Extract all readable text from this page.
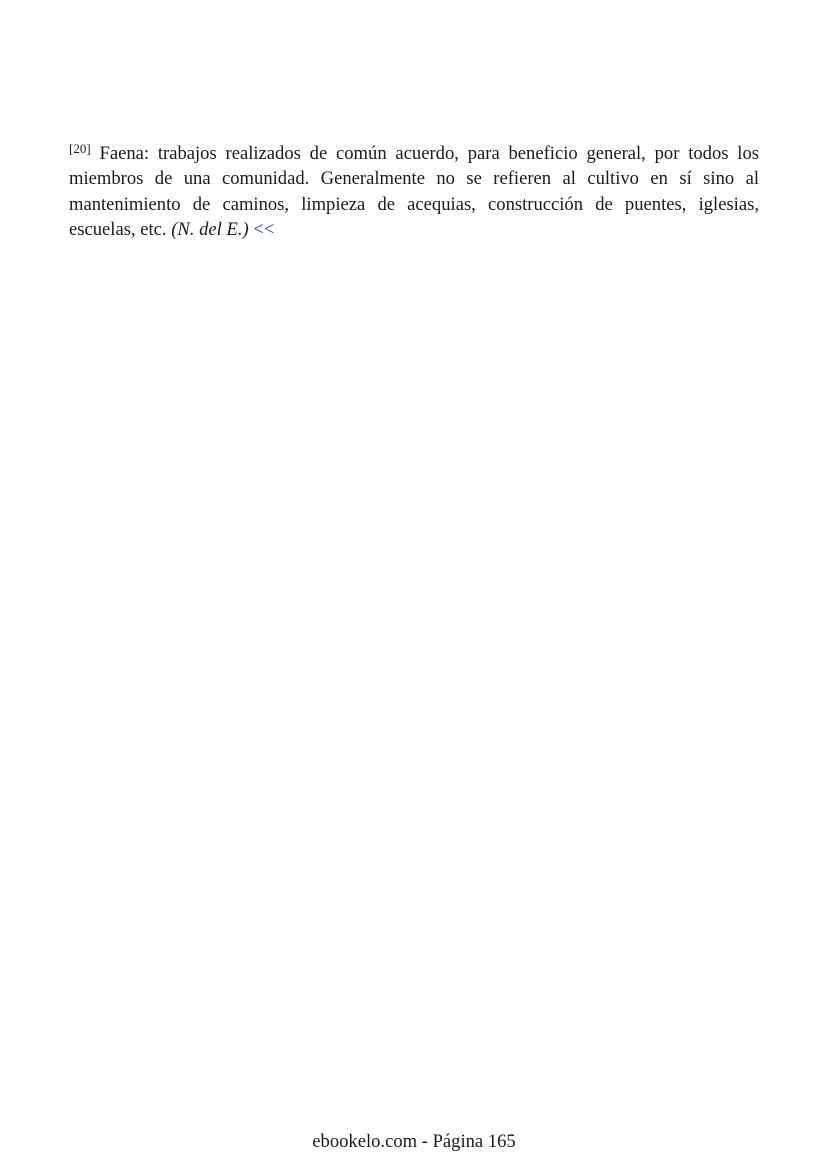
[20] Faena: trabajos realizados de común acuerdo, para beneficio general, por todos los miembros de una comunidad. Generalmente no se refieren al cultivo en sí sino al mantenimiento de caminos, limpieza de acequias, construcción de puentes, iglesias, escuelas, etc. (N. del E.) <<

ebookelo.com - Página 165
